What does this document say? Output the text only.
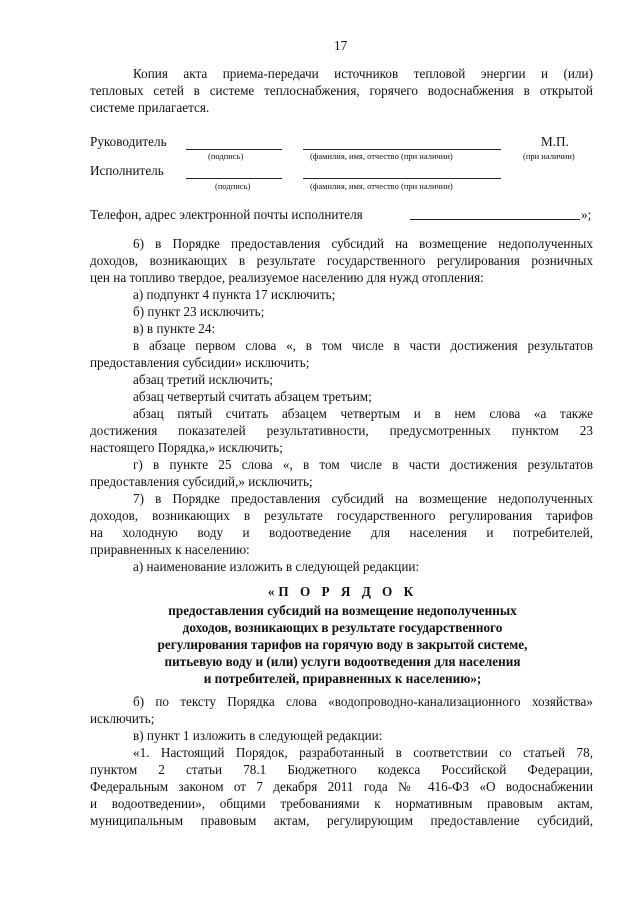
17
Копия акта приема-передачи источников тепловой энергии и (или)
тепловых сетей в системе теплоснабжения, горячего водоснабжения в открытой
системе прилагается.
Руководитель	М.П.
(подпись)	(фамилия, имя, отчество (при наличии)	(при наличии)
Исполнитель
(подпись)	(фамилия, имя, отчество (при наличии)
Телефон, адрес электронной почты исполнителя	»;
6) в Порядке предоставления субсидий на возмещение недополученных
доходов, возникающих в результате государственного регулирования розничных
цен на топливо твердое, реализуемое населению для нужд отопления:
а) подпункт 4 пункта 17 исключить;
б) пункт 23 исключить;
в) в пункте 24:
в абзаце первом слова «, в том числе в части достижения результатов
предоставления субсидии» исключить;
абзац третий исключить;
абзац четвертый считать абзацем третьим;
абзац пятый считать абзацем четвертым и в нем слова «а также
достижения показателей результативности, предусмотренных пунктом 23
настоящего Порядка,» исключить;
г) в пункте 25 слова «, в том числе в части достижения результатов
предоставления субсидий,» исключить;
7) в Порядке предоставления субсидий на возмещение недополученных
доходов, возникающих в результате государственного регулирования тарифов
на холодную воду и водоотведение для населения и потребителей,
приравненных к населению:
а) наименование изложить в следующей редакции:
«П О Р Я Д О К
предоставления субсидий на возмещение недополученных
доходов, возникающих в результате государственного
регулирования тарифов на горячую воду в закрытой системе,
питьевую воду и (или) услуги водоотведения для населения
и потребителей, приравненных к населению»;
б) по тексту Порядка слова «водопроводно-канализационного хозяйства»
исключить;
в) пункт 1 изложить в следующей редакции:
«1. Настоящий Порядок, разработанный в соответствии со статьей 78,
пунктом 2 статьи 78.1 Бюджетного кодекса Российской Федерации,
Федеральным законом от 7 декабря 2011 года № 416-ФЗ «О водоснабжении
и водоотведении», общими требованиями к нормативным правовым актам,
муниципальным правовым актам, регулирующим предоставление субсидий,
